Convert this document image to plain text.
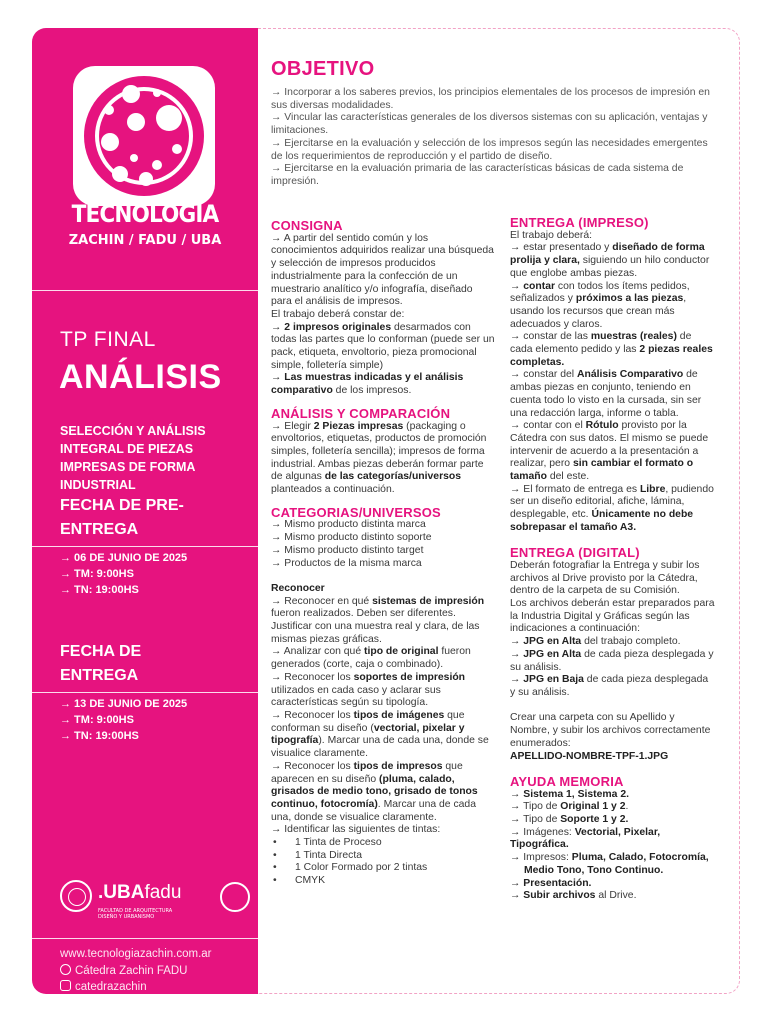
TECNOLOGIA
ZACHIN / FADU / UBA
TP FINAL
ANÁLISIS
SELECCIÓN Y ANÁLISIS INTEGRAL DE PIEZAS IMPRESAS DE FORMA INDUSTRIAL
FECHA DE PRE-ENTREGA
→ 06 DE JUNIO DE 2025
→ TM: 9:00HS
→ TN: 19:00HS
FECHA DE ENTREGA
→ 13 DE JUNIO DE 2025
→ TM: 9:00HS
→ TN: 19:00HS
.UBAfadu
FACULTAD DE ARQUITECTURA
DISEÑO Y URBANISMO
www.tecnologiazachin.com.ar
Cátedra Zachin FADU
catedrazachin
OBJETIVO

→ Incorporar a los saberes previos, los principios elementales de los procesos de impresión en sus diversas modalidades.

→ Vincular las características generales de los diversos sistemas con su aplicación, ventajas y limitaciones.

→ Ejercitarse en la evaluación y selección de los impresos según las necesidades emergentes de los requerimientos de reproducción y el partido de diseño.

→ Ejercitarse en la evaluación primaria de las características básicas de cada sistema de impresión.

CONSIGNA

→ A partir del sentido común y los conocimientos adquiridos realizar una búsqueda y selección de impresos producidos industrialmente para la confección de un muestrario analítico y/o infografía, diseñado para el análisis de impresos.

El trabajo deberá constar de:

→ 2 impresos originales desarmados con todas las partes que lo conforman (puede ser un pack, etiqueta, envoltorio, pieza promocional simple, folletería simple)

→ Las muestras indicadas y el análisis comparativo de los impresos.

ANÁLISIS Y COMPARACIÓN

→ Elegir 2 Piezas impresas (packaging o envoltorios, etiquetas, productos de promoción simples, folletería sencilla); impresos de forma industrial. Ambas piezas deberán formar parte de algunas de las categorías/universos planteados a continuación.

CATEGORIAS/UNIVERSOS

→ Mismo producto distinta marca

→ Mismo producto distinto soporte

→ Mismo producto distinto target

→ Productos de la misma marca

Reconocer

→ Reconocer en qué sistemas de impresión fueron realizados. Deben ser diferentes. Justificar con una muestra real y clara, de las mismas piezas gráficas.

→ Analizar con qué tipo de original fueron generados (corte, caja o combinado).

→ Reconocer los soportes de impresión utilizados en cada caso y aclarar sus características según su tipología.

→ Reconocer los tipos de imágenes que conforman su diseño (vectorial, pixelar y tipografía). Marcar una de cada una, donde se visualice claramente.

→ Reconocer los tipos de impresos que aparecen en su diseño (pluma, calado, grisados de medio tono, grisado de tonos continuo, fotocromía). Marcar una de cada una, donde se visualice claramente.

→ Identificar las siguientes de tintas:

• 1 Tinta de Proceso

• 1 Tinta Directa

• 1 Color Formado por 2 tintas

• CMYK

ENTREGA (IMPRESO)

El trabajo deberá:

→ estar presentado y diseñado de forma prolija y clara, siguiendo un hilo conductor que englobe ambas piezas.

→ contar con todos los ítems pedidos, señalizados y próximos a las piezas, usando los recursos que crean más adecuados y claros.

→ constar de las muestras (reales) de cada elemento pedido y las 2 piezas reales completas.

→ constar del Análisis Comparativo de ambas piezas en conjunto, teniendo en cuenta todo lo visto en la cursada, sin ser una redacción larga, informe o tabla.

→ contar con el Rótulo provisto por la Cátedra con sus datos. El mismo se puede intervenir de acuerdo a la presentación a realizar, pero sin cambiar el formato o tamaño del este.

→ El formato de entrega es Libre, pudiendo ser un diseño editorial, afiche, lámina, desplegable, etc. Únicamente no debe sobrepasar el tamaño A3.

ENTREGA (DIGITAL)

Deberán fotografiar la Entrega y subir los archivos al Drive provisto por la Cátedra, dentro de la carpeta de su Comisión.

Los archivos deberán estar preparados para la Industria Digital y Gráficas según las indicaciones a continuación:

→ JPG en Alta del trabajo completo.

→ JPG en Alta de cada pieza desplegada y su análisis.

→ JPG en Baja de cada pieza desplegada y su análisis.

Crear una carpeta con su Apellido y Nombre, y subir los archivos correctamente enumerados:

APELLIDO-NOMBRE-TPF-1.JPG

AYUDA MEMORIA

→ Sistema 1, Sistema 2.

→ Tipo de Original 1 y 2.

→ Tipo de Soporte 1 y 2.

→ Imágenes: Vectorial, Pixelar, Tipográfica.

→ Impresos: Pluma, Calado, Fotocromía,

Medio Tono, Tono Continuo.

→ Presentación.

→ Subir archivos al Drive.
